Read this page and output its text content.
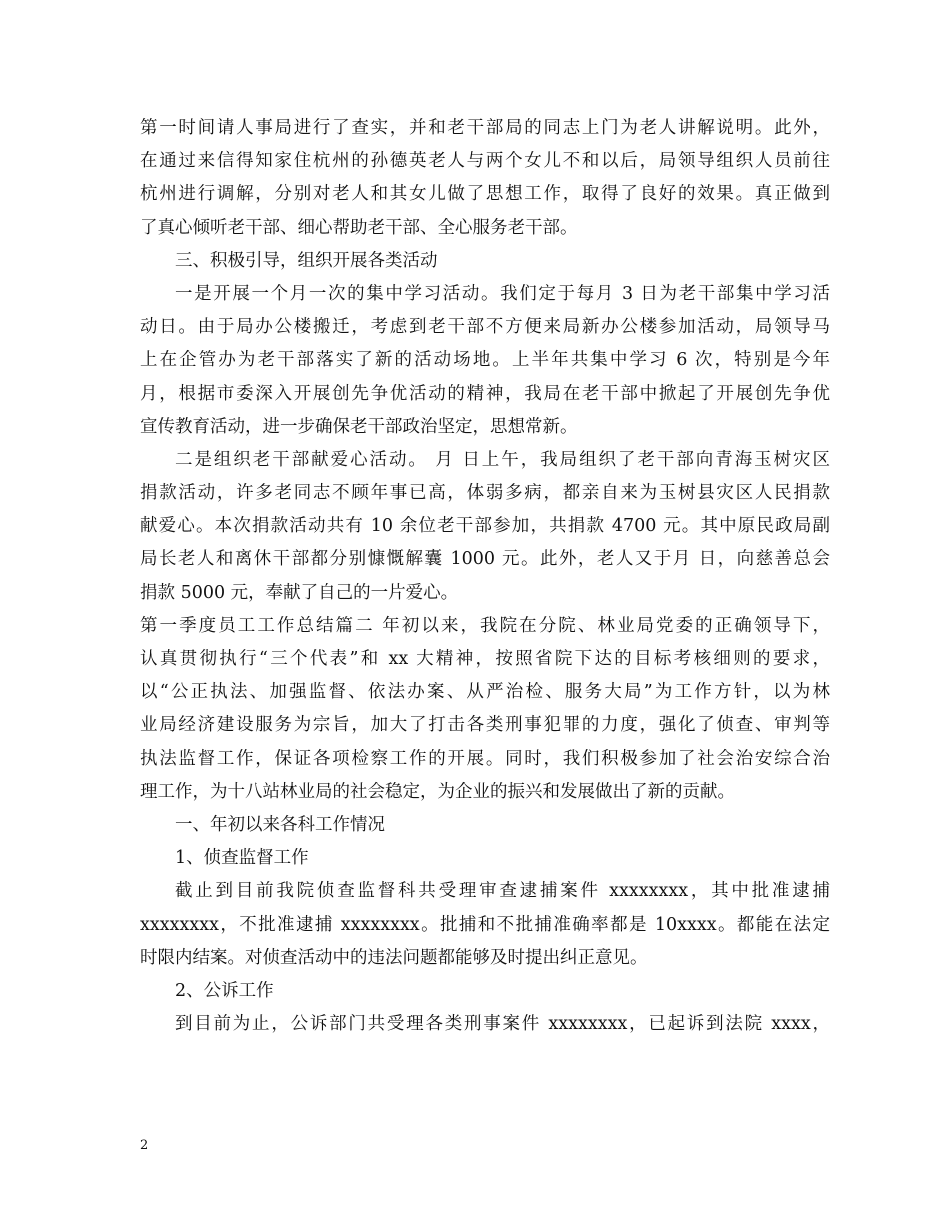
第一时间请人事局进行了查实，并和老干部局的同志上门为老人讲解说明。此外，
在通过来信得知家住杭州的孙德英老人与两个女儿不和以后，局领导组织人员前往
杭州进行调解，分别对老人和其女儿做了思想工作，取得了良好的效果。真正做到
了真心倾听老干部、细心帮助老干部、全心服务老干部。
三、积极引导，组织开展各类活动
一是开展一个月一次的集中学习活动。我们定于每月 3 日为老干部集中学习活
动日。由于局办公楼搬迁，考虑到老干部不方便来局新办公楼参加活动，局领导马
上在企管办为老干部落实了新的活动场地。上半年共集中学习 6 次，特别是今年
月，根据市委深入开展创先争优活动的精神，我局在老干部中掀起了开展创先争优
宣传教育活动，进一步确保老干部政治坚定，思想常新。
二是组织老干部献爱心活动。 月 日上午，我局组织了老干部向青海玉树灾区
捐款活动，许多老同志不顾年事已高，体弱多病，都亲自来为玉树县灾区人民捐款
献爱心。本次捐款活动共有 10 余位老干部参加，共捐款 4700 元。其中原民政局副
局长老人和离休干部都分别慷慨解囊 1000 元。此外，老人又于月 日，向慈善总会
捐款 5000 元，奉献了自己的一片爱心。
第一季度员工工作总结篇二 年初以来，我院在分院、林业局党委的正确领导下，
认真贯彻执行“三个代表”和 xx 大精神，按照省院下达的目标考核细则的要求，
以“公正执法、加强监督、依法办案、从严治检、服务大局”为工作方针，以为林
业局经济建设服务为宗旨，加大了打击各类刑事犯罪的力度，强化了侦查、审判等
执法监督工作，保证各项检察工作的开展。同时，我们积极参加了社会治安综合治
理工作，为十八站林业局的社会稳定，为企业的振兴和发展做出了新的贡献。
一、年初以来各科工作情况
1、侦查监督工作
截止到目前我院侦查监督科共受理审查逮捕案件 xxxxxxxx，其中批准逮捕
xxxxxxxx，不批准逮捕 xxxxxxxx。批捕和不批捕准确率都是 10xxxx。都能在法定
时限内结案。对侦查活动中的违法问题都能够及时提出纠正意见。
2、公诉工作
到目前为止，公诉部门共受理各类刑事案件 xxxxxxxx，已起诉到法院 xxxx，
2
